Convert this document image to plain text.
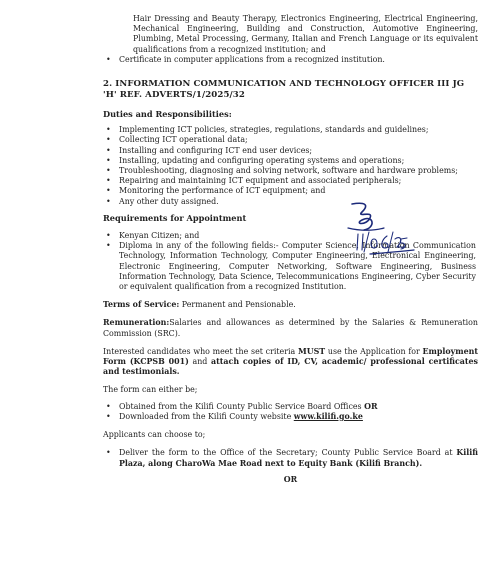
Hair Dressing and Beauty Therapy, Electronics Engineering, Electrical Engineering, Mechanical Engineering, Building and Construction, Automotive Engineering, Plumbing, Metal Processing, Germany, Italian and French Language or its equivalent qualifications from a recognized institution; and

• Certificate in computer applications from a recognized institution.
2. INFORMATION COMMUNICATION AND TECHNOLOGY OFFICER III JG 'H' REF. ADVERTS/1/2025/32

Duties and Responsibilities:

• Implementing ICT policies, strategies, regulations, standards and guidelines;
• Collecting ICT operational data;
• Installing and configuring ICT end user devices;
• Installing, updating and configuring operating systems and operations;
• Troubleshooting, diagnosing and solving network, software and hardware problems;
• Repairing and maintaining ICT equipment and associated peripherals;
• Monitoring the performance of ICT equipment; and
• Any other duty assigned.

Requirements for Appointment

• Kenyan Citizen; and
• Diploma in any of the following fields:- Computer Science, Information Communication Technology, Information Technology, Computer Engineering, Electronical Engineering, Electronic Engineering, Computer Networking, Software Engineering, Business Information Technology, Data Science, Telecommunications Engineering, Cyber Security or equivalent qualification from a recognized Institution.

Terms of Service: Permanent and Pensionable.

Remuneration:Salaries and allowances as determined by the Salaries & Remuneration Commission (SRC).

Interested candidates who meet the set criteria MUST use the Application for Employment Form (KCPSB 001) and attach copies of ID, CV, academic/ professional certificates and testimonials.

The form can either be;

• Obtained from the Kilifi County Public Service Board Offices OR
• Downloaded from the Kilifi County website www.kilifi.go.ke

Applicants can choose to;

• Deliver the form to the Office of the Secretary; County Public Service Board at Kilifi Plaza, along CharoWa Mae Road next to Equity Bank (Kilifi Branch).

OR
